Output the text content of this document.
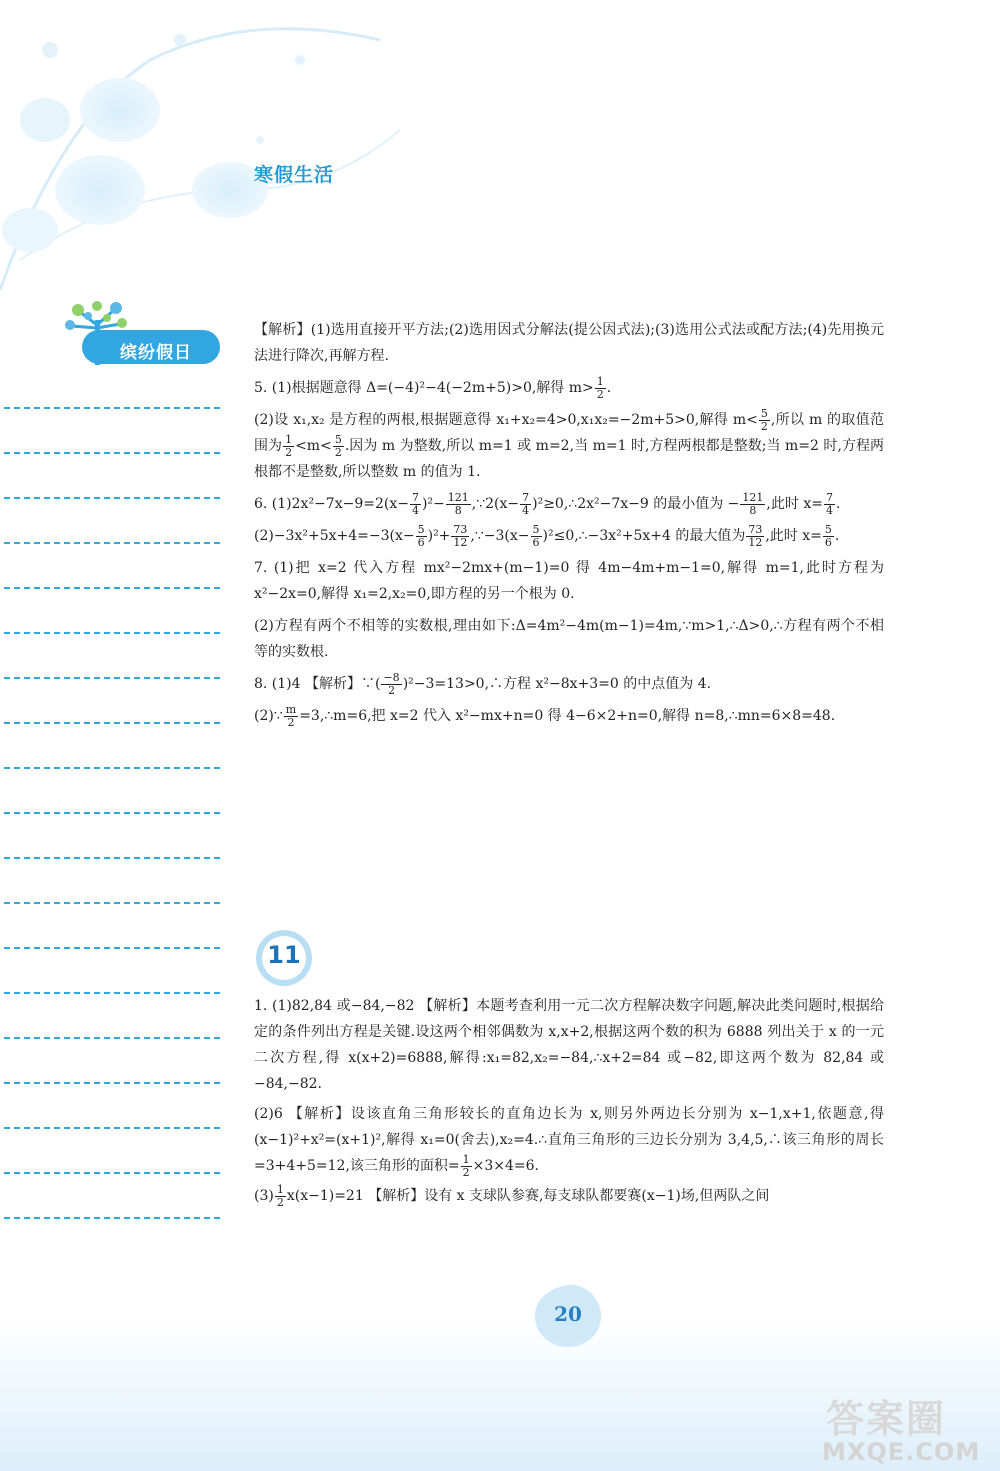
寒假生活
缤纷假日

【解析】(1)选用直接开平方法;(2)选用因式分解法(提公因式法);(3)选用公式法或配方法;(4)先用换元法进行降次,再解方程.

5. (1)根据题意得 Δ=(−4)²−4(−2m+5)>0,解得 $m> \frac{1}{2}$ .

(2)设 x₁,x₂ 是方程的两根,根据题意得 x₁+x₂=4>0,x₁x₂=−2m+5>0,解得 $m< \frac{5}{2}$ ,所以 m 的取值范围为 $\frac{1}{2} <m< \frac{5}{2}$ .因为 m 为整数,所以 m=1 或 m=2,当 m=1 时,方程两根都是整数;当 m=2 时,方程两根都不是整数,所以整数 m 的值为 1.

6. $(1)2x^2-7x-9=2(x- \frac{7}{4} )^2- \frac{121}{8}$ ,∵2(x− $\frac{7}{4}$ )²≥0,∴2x²−7x−9 的最小值为 − $\frac{121}{8}$ ,此时 $x= \frac{7}{4}$ .

$(2)-3x^2+5x+4=-3(x- \frac{5}{6} )^2+ \frac{73}{12}$ ,∵−3(x− $\frac{5}{6}$ )²≤0,∴−3x²+5x+4 的最大值为 $\frac{73}{12}$ ,此时 $x= \frac{5}{6}$ .

7. (1)把 x=2 代入方程 mx²−2mx+(m−1)=0 得 4m−4m+m−1=0,解得 m=1,此时方程为 x²−2x=0,解得 x₁=2,x₂=0,即方程的另一个根为 0.

(2)方程有两个不相等的实数根,理由如下:Δ=4m²−4m(m−1)=4m,∵m>1,∴Δ>0,∴方程有两个不相等的实数根.

8. (1)4 【解析】∵( $\frac{-8}{2}$ )²−3=13>0,∴方程 x²−8x+3=0 的中点值为 4.

(2)∵ $\frac{m}{2}$ =3,∴m=6,把 x=2 代入 x²−mx+n=0 得 4−6×2+n=0,解得 n=8,∴mn=6×8=48.

11

1. (1)82,84 或−84,−82 【解析】本题考查利用一元二次方程解决数字问题,解决此类问题时,根据给定的条件列出方程是关键.设这两个相邻偶数为 x,x+2,根据这两个数的积为 6888 列出关于 x 的一元二次方程,得 x(x+2)=6888,解得:x₁=82,x₂=−84,∴x+2=84 或−82,即这两个数为 82,84 或−84,−82.

(2)6 【解析】设该直角三角形较长的直角边长为 x,则另外两边长分别为 x−1,x+1,依题意,得(x−1)²+x²=(x+1)²,解得 x₁=0(舍去),x₂=4.∴直角三角形的三边长分别为 3,4,5,∴该三角形的周长=3+4+5=12,该三角形的面积= $\frac{1}{2} \times 3\times 4=6$.

$(3) \frac{1}{2} x(x-1)=21$ 【解析】设有 x 支球队参赛,每支球队都要赛(x−1)场,但两队之间

20
答案圈
MXQE.COM
